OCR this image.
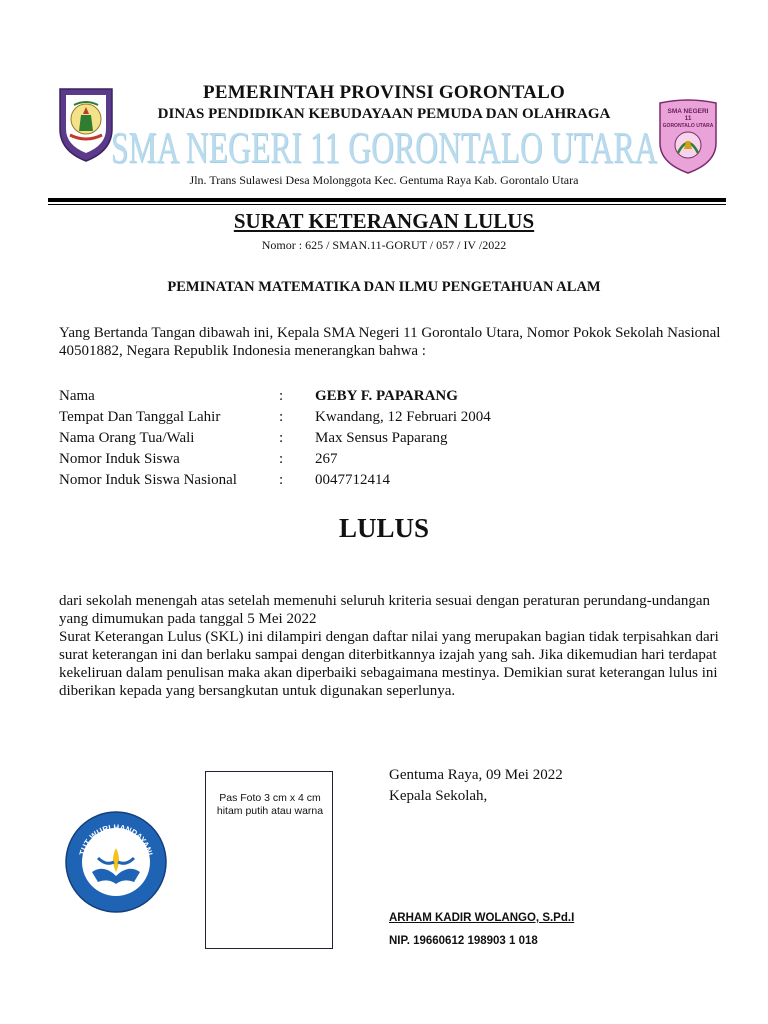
SMA NEGERI
11
GORONTALO UTARA
PEMERINTAH PROVINSI GORONTALO
DINAS PENDIDIKAN KEBUDAYAAN PEMUDA DAN OLAHRAGA
SMA NEGERI 11 GORONTALO UTARA
Jln. Trans Sulawesi Desa Molonggota Kec. Gentuma Raya Kab. Gorontalo Utara
SURAT KETERANGAN LULUS
Nomor : 625 / SMAN.11-GORUT / 057 / IV /2022
PEMINATAN MATEMATIKA DAN ILMU PENGETAHUAN ALAM
Yang Bertanda Tangan dibawah ini, Kepala SMA Negeri 11 Gorontalo Utara, Nomor Pokok Sekolah Nasional 40501882, Negara Republik Indonesia menerangkan bahwa :
Nama	: GEBY F. PAPARANG
Tempat Dan Tanggal Lahir	: Kwandang, 12 Februari 2004
Nama Orang Tua/Wali	: Max Sensus Paparang
Nomor Induk Siswa	: 267
Nomor Induk Siswa Nasional	: 0047712414
LULUS
dari sekolah menengah atas setelah memenuhi seluruh kriteria sesuai dengan peraturan perundang-undangan yang dimumukan pada tanggal 5 Mei 2022
Surat Keterangan Lulus (SKL) ini dilampiri dengan daftar nilai yang merupakan bagian tidak terpisahkan dari surat keterangan ini dan berlaku sampai dengan diterbitkannya izajah yang sah. Jika dikemudian hari terdapat kekeliruan dalam penulisan maka akan diperbaiki sebagaimana mestinya. Demikian surat keterangan lulus ini diberikan kepada yang bersangkutan untuk digunakan seperlunya.
TUT WURI HANDAYANI
Pas Foto 3 cm x 4 cm hitam putih atau warna
Gentuma Raya, 09 Mei 2022
Kepala Sekolah,
ARHAM KADIR WOLANGO, S.Pd.I
NIP. 19660612 198903 1 018
